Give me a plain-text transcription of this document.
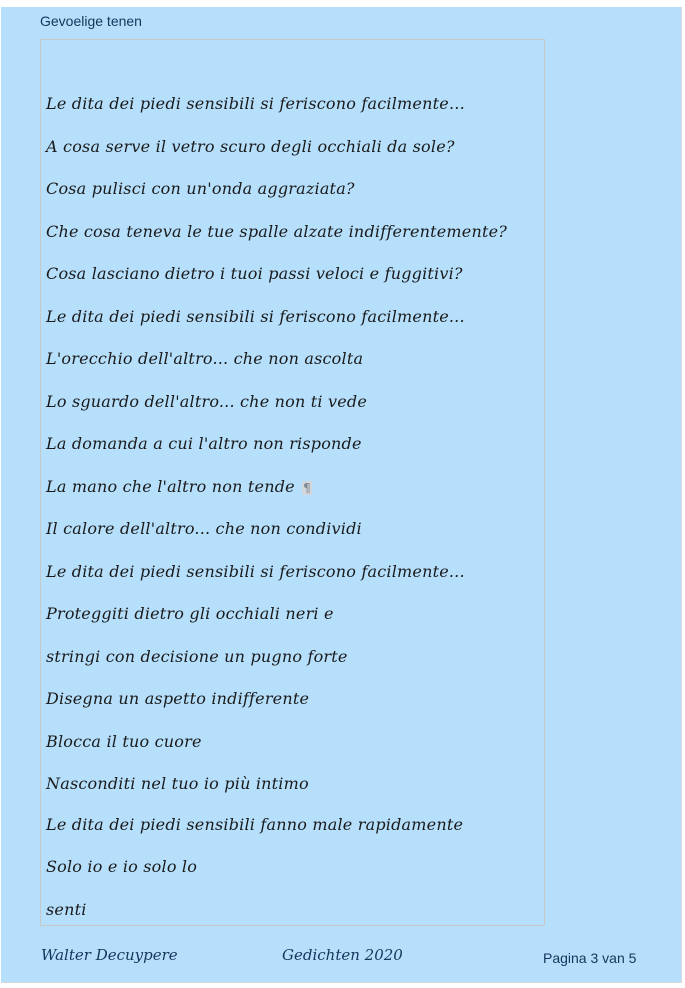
Gevoelige tenen
Le dita dei piedi sensibili si feriscono facilmente…
A cosa serve il vetro scuro degli occhiali da sole?
Cosa pulisci con un'onda aggraziata?
Che cosa teneva le tue spalle alzate indifferentemente?
Cosa lasciano dietro i tuoi passi veloci e fuggitivi?
Le dita dei piedi sensibili si feriscono facilmente...
L'orecchio dell'altro... che non ascolta
Lo sguardo dell'altro... che non ti vede
La domanda a cui l'altro non risponde
La mano che l'altro non tende ¶
Il calore dell'altro... che non condividi
Le dita dei piedi sensibili si feriscono facilmente...
Proteggiti dietro gli occhiali neri e
stringi con decisione un pugno forte
Disegna un aspetto indifferente
Blocca il tuo cuore
Nasconditi nel tuo io più intimo
Le dita dei piedi sensibili fanno male rapidamente
Solo io e io solo lo
senti
Walter Decuypere	Gedichten 2020	Pagina 3 van 5
